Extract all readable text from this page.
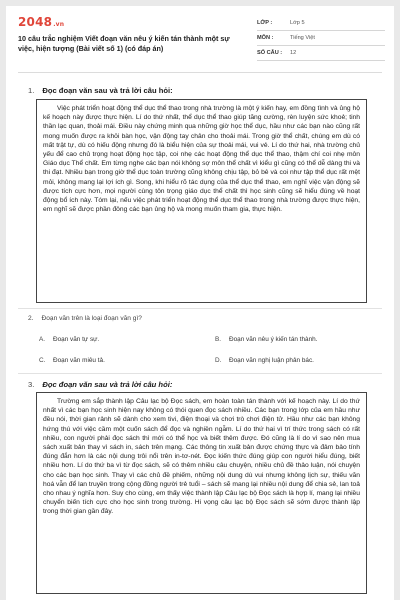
2048.vn
10 câu trắc nghiệm Viết đoạn văn nêu ý kiến tán thành một sự việc, hiện tượng (Bài viết số 1) (có đáp án)
LỚP :	Lớp 5
MÔN :	Tiếng Việt
SỐ CÂU :	12
1. Đọc đoạn văn sau và trả lời câu hỏi:
Việc phát triển hoạt động thể dục thể thao trong nhà trường là một ý kiến hay, em đồng tình và ủng hộ kế hoạch này được thực hiện. Lí do thứ nhất, thể dục thể thao giúp tăng cường, rèn luyện sức khoẻ; tinh thần lạc quan, thoải mái. Điều này chứng minh qua những giờ học thể dục, hầu như các bạn nào cũng rất mong muốn được ra khỏi bàn học, vận động tay chân cho thoải mái. Trong giờ thể chất, chúng em dù có mất trật tự, dù có hiếu động nhưng đó là biểu hiện của sự thoải mái, vui vẻ. Lí do thứ hai, nhà trường chủ yếu để cao chủ trọng hoạt động học tập, coi nhẹ các hoạt động thể dục thể thao, thậm chí coi nhẹ môn Giáo dục Thể chất. Em từng nghe các bạn nói không sợ môn thể chất vì kiểu gì cũng có thể dễ dàng thi và thi đạt. Nhiều bạn trong giờ thể dục toàn trường cũng không chịu tập, bỏ bê và coi như tập thể dục rất mệt mỏi, không mang lại lợi ích gì. Song, khi hiểu rõ tác dụng của thể dục thể thao, em nghĩ việc vận động sẽ được tích cực hơn, mọi người cùng tôn trọng giáo dục thể chất thì học sinh cũng sẽ hiểu đúng về hoạt động bổ ích này. Tóm lại, nếu việc phát triển hoạt động thể dục thể thao trong nhà trường được thực hiện, em nghĩ sẽ được phần đông các bạn ủng hộ và mong muốn tham gia, thực hiện.
2. Đoạn văn trên là loại đoạn văn gì?
A. Đoạn văn tự sự.	B. Đoạn văn nêu ý kiến tán thành.
C. Đoạn văn miêu tả.	D. Đoạn văn nghị luận phản bác.
3. Đọc đoạn văn sau và trả lời câu hỏi:
Trường em sắp thành lập Câu lạc bộ Đọc sách, em hoàn toàn tán thành với kế hoạch này. Lí do thứ nhất vì các bạn học sinh hiện nay không có thói quen đọc sách nhiều. Các bạn trong lớp của em hầu như đều nói, thời gian rảnh sẽ dành cho xem tivi, điện thoại và chơi trò chơi điện tử. Hầu như các bạn không hứng thú với việc cầm một cuốn sách để đọc và nghiền ngẫm. Lí do thứ hai vì trí thức trong sách có rất nhiều, con người phải đọc sách thì mới có thể học và biết thêm được. Đó cũng là lí do vì sao nên mua sách xuất bản thay vì sách in, sách trên mạng. Các thông tin xuất bản được chứng thực và đảm bảo tính đúng đắn hơn là các nội dung trôi nổi trên in-tơ-nét. Đọc kiến thức đúng giúp con người hiểu đúng, biết nhiều hơn. Lí do thứ ba vì từ đọc sách, sẽ có thêm nhiều câu chuyện, nhiều chủ đề thảo luận, nói chuyện cho các bạn học sinh. Thay vì các chủ đề phiếm, những nội dung dù vui nhưng không lịch sự, thiếu văn hoá vẫn để lan truyền trong cộng đồng người trẻ tuổi – sách sẽ mang lại nhiều nội dung để chia sẻ, lan toả cho nhau ý nghĩa hơn. Suy cho cùng, em thấy việc thành lập Câu lạc bộ Đọc sách là hợp lí, mang lại nhiều chuyển biến tích cực cho học sinh trong trường. Hi vọng câu lạc bộ Đọc sách sẽ sớm được thành lập trong thời gian gần đây.
